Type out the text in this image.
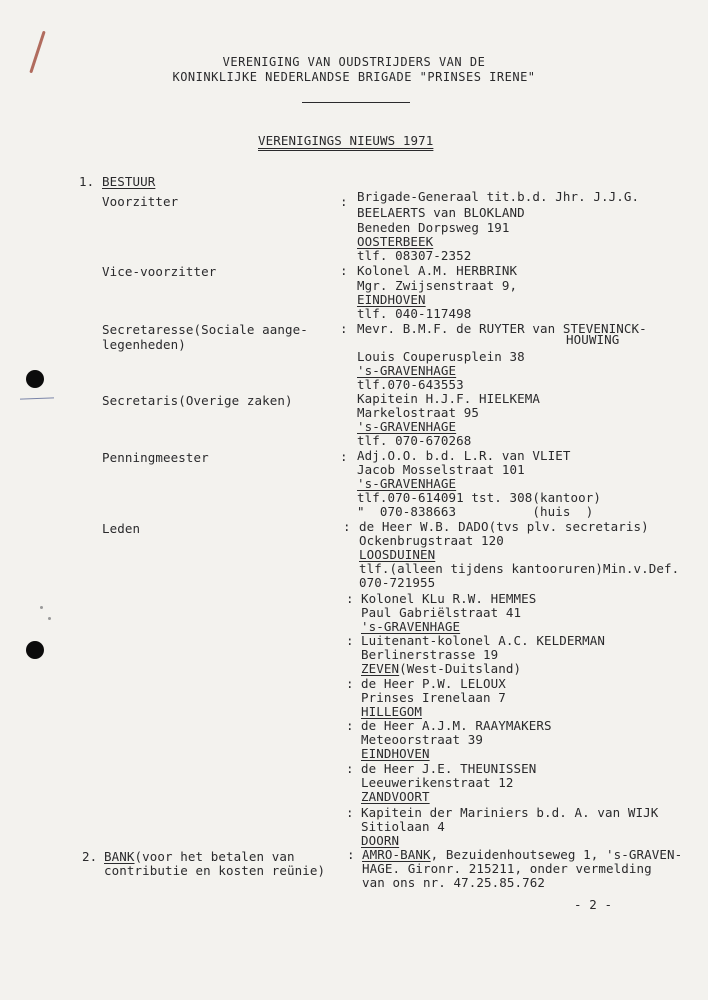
VERENIGING VAN OUDSTRIJDERS VAN DE
KONINKLIJKE NEDERLANDSE BRIGADE "PRINSES IRENE"
VERENIGINGS NIEUWS 1971
1. BESTUUR
Voorzitter	: Brigade-Generaal tit.b.d. Jhr. J.J.G.
BEELAERTS van BLOKLAND
Beneden Dorpsweg 191
OOSTERBEEK
tlf. 08307-2352
Vice-voorzitter	: Kolonel A.M. HERBRINK
Mgr. Zwijsenstraat 9,
EINDHOVEN
tlf. 040-117498
Secretaresse(Sociale aange-
legenheden)
: Mevr. B.M.F. de RUYTER van STEVENINCK-
HOUWING
Louis Couperusplein 38
's-GRAVENHAGE
tlf.070-643553
Secretaris(Overige zaken)	Kapitein H.J.F. HIELKEMA
Markelostraat 95
's-GRAVENHAGE
tlf. 070-670268
Penningmeester	: Adj.O.O. b.d. L.R. van VLIET
Jacob Mosselstraat 101
's-GRAVENHAGE
tlf.070-614091 tst. 308(kantoor)
"  070-838663          (huis  )
Leden	: de Heer W.B. DADO(tvs plv. secretaris)
Ockenbrugstraat 120
LOOSDUINEN
tlf.(alleen tijdens kantooruren)Min.v.Def.
070-721955
: Kolonel KLu R.W. HEMMES
Paul Gabriëlstraat 41
's-GRAVENHAGE
: Luitenant-kolonel A.C. KELDERMAN
Berlinerstrasse 19
ZEVEN(West-Duitsland)
: de Heer P.W. LELOUX
Prinses Irenelaan 7
HILLEGOM
: de Heer A.J.M. RAAYMAKERS
Meteoorstraat 39
EINDHOVEN
: de Heer J.E. THEUNISSEN
Leeuwerikenstraat 12
ZANDVOORT
: Kapitein der Mariniers b.d. A. van WIJK
Sitiolaan 4
DOORN
2. BANK(voor het betalen van
contributie en kosten reünie)
: AMRO-BANK, Bezuidenhoutseweg 1, 's-GRAVEN-
HAGE. Gironr. 215211, onder vermelding
van ons nr. 47.25.85.762
- 2 -
